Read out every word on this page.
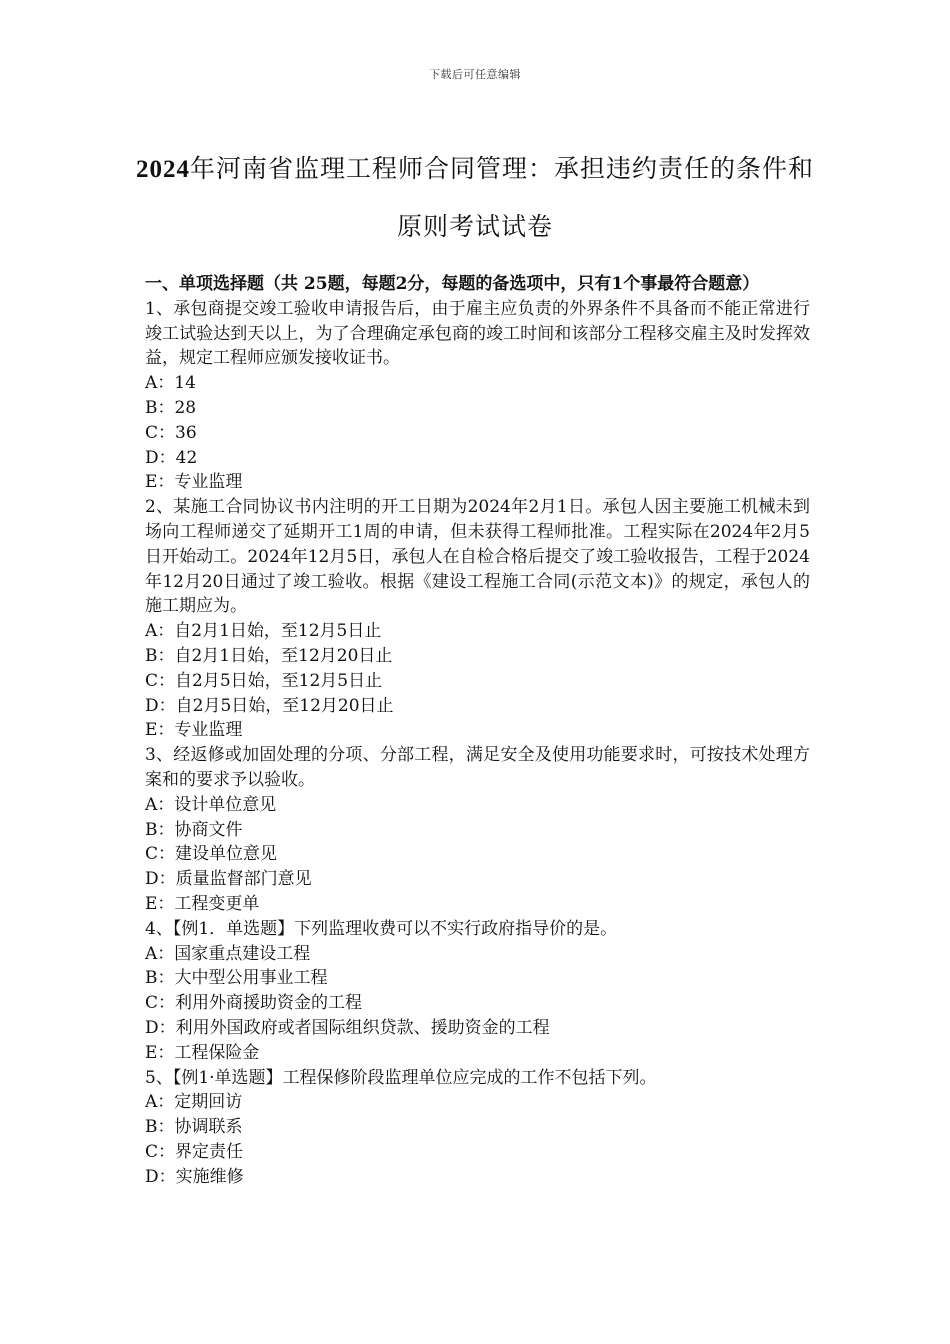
下载后可任意编辑
2024年河南省监理工程师合同管理：承担违约责任的条件和原则考试试卷

一、单项选择题（共 25题，每题2分，每题的备选项中，只有1个事最符合题意）

1、承包商提交竣工验收申请报告后，由于雇主应负责的外界条件不具备而不能正常进行竣工试验达到天以上，为了合理确定承包商的竣工时间和该部分工程移交雇主及时发挥效益，规定工程师应颁发接收证书。

A：14

B：28

C：36

D：42

E：专业监理

2、某施工合同协议书内注明的开工日期为2024年2月1日。承包人因主要施工机械未到场向工程师递交了延期开工1周的申请，但未获得工程师批准。工程实际在2024年2月5日开始动工。2024年12月5日，承包人在自检合格后提交了竣工验收报告，工程于2024年12月20日通过了竣工验收。根据《建设工程施工合同(示范文本)》的规定，承包人的施工期应为。

A：自2月1日始，至12月5日止

B：自2月1日始，至12月20日止

C：自2月5日始，至12月5日止

D：自2月5日始，至12月20日止

E：专业监理

3、经返修或加固处理的分项、分部工程，满足安全及使用功能要求时，可按技术处理方案和的要求予以验收。

A：设计单位意见

B：协商文件

C：建设单位意见

D：质量监督部门意见

E：工程变更单

4、【例1．单选题】下列监理收费可以不实行政府指导价的是。

A：国家重点建设工程

B：大中型公用事业工程

C：利用外商援助资金的工程

D：利用外国政府或者国际组织贷款、援助资金的工程

E：工程保险金

5、【例1·单选题】工程保修阶段监理单位应完成的工作不包括下列。

A：定期回访

B：协调联系

C：界定责任

D：实施维修
